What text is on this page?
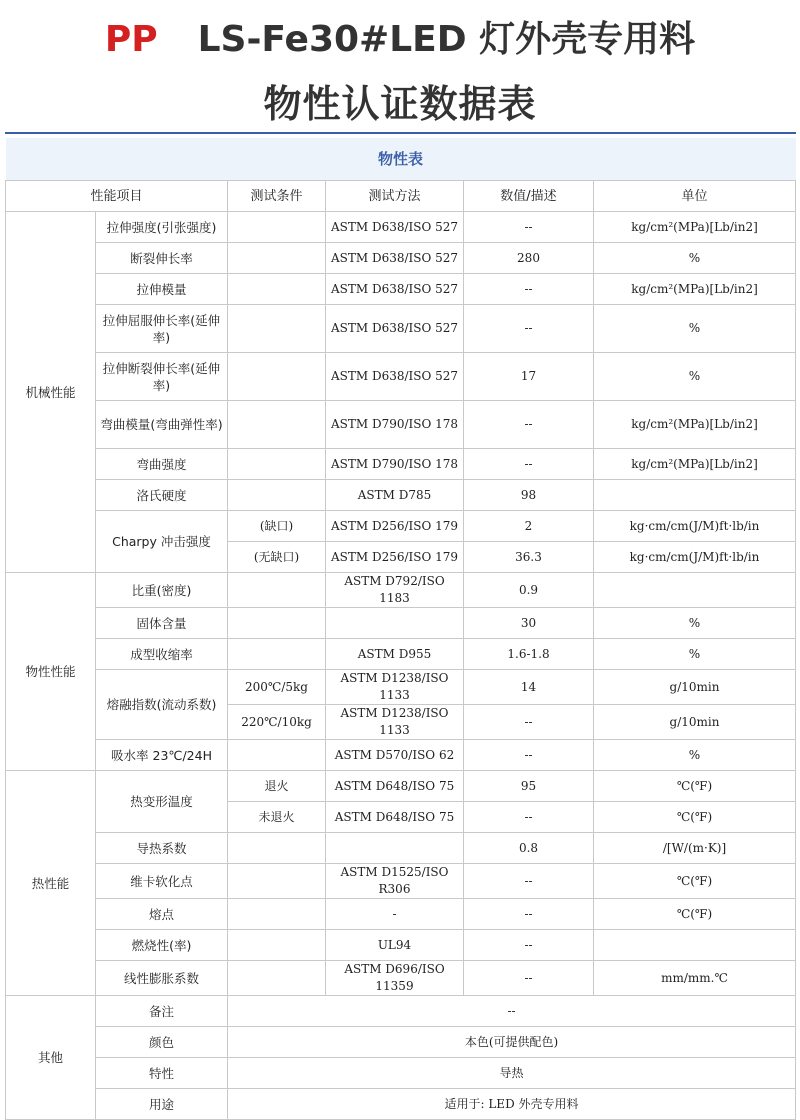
PP LS-Fe30#LED 灯外壳专用料
物性认证数据表
物性表					
性能项目		测试条件	测试方法	数值/描述	单位
机械性能	拉伸强度(引张强度)		ASTM D638/ISO 527	--	kg/cm²(MPa)[Lb/in2]
	断裂伸长率		ASTM D638/ISO 527	280	%
	拉伸模量		ASTM D638/ISO 527	--	kg/cm²(MPa)[Lb/in2]
	拉伸屈服伸长率(延伸率)		ASTM D638/ISO 527	--	%
	拉伸断裂伸长率(延伸率)		ASTM D638/ISO 527	17	%
	弯曲模量(弯曲弹性率)		ASTM D790/ISO 178	--	kg/cm²(MPa)[Lb/in2]
	弯曲强度		ASTM D790/ISO 178	--	kg/cm²(MPa)[Lb/in2]
	洛氏硬度		ASTM D785	98	
	Charpy 冲击强度	(缺口)	ASTM D256/ISO 179	2	kg·cm/cm(J/M)ft·lb/in
		(无缺口)	ASTM D256/ISO 179	36.3	kg·cm/cm(J/M)ft·lb/in
物性性能	比重(密度)		ASTM D792/ISO 1183	0.9	
	固体含量			30	%
	成型收缩率		ASTM D955	1.6-1.8	%
	熔融指数(流动系数)	200℃/5kg	ASTM D1238/ISO 1133	14	g/10min
		220℃/10kg	ASTM D1238/ISO 1133	--	g/10min
	吸水率 23℃/24H		ASTM D570/ISO 62	--	%
热性能	热变形温度	退火	ASTM D648/ISO 75	95	℃(℉)
		未退火	ASTM D648/ISO 75	--	℃(℉)
	导热系数			0.8	/[W/(m·K)]
	维卡软化点		ASTM D1525/ISO R306	--	℃(℉)
	熔点		-	--	℃(℉)
	燃烧性(率)		UL94	--	
	线性膨胀系数		ASTM D696/ISO 11359	--	mm/mm.℃
其他	备注	--			
	颜色	本色(可提供配色)			
	特性	导热			
	用途	适用于: LED 外壳专用料			
